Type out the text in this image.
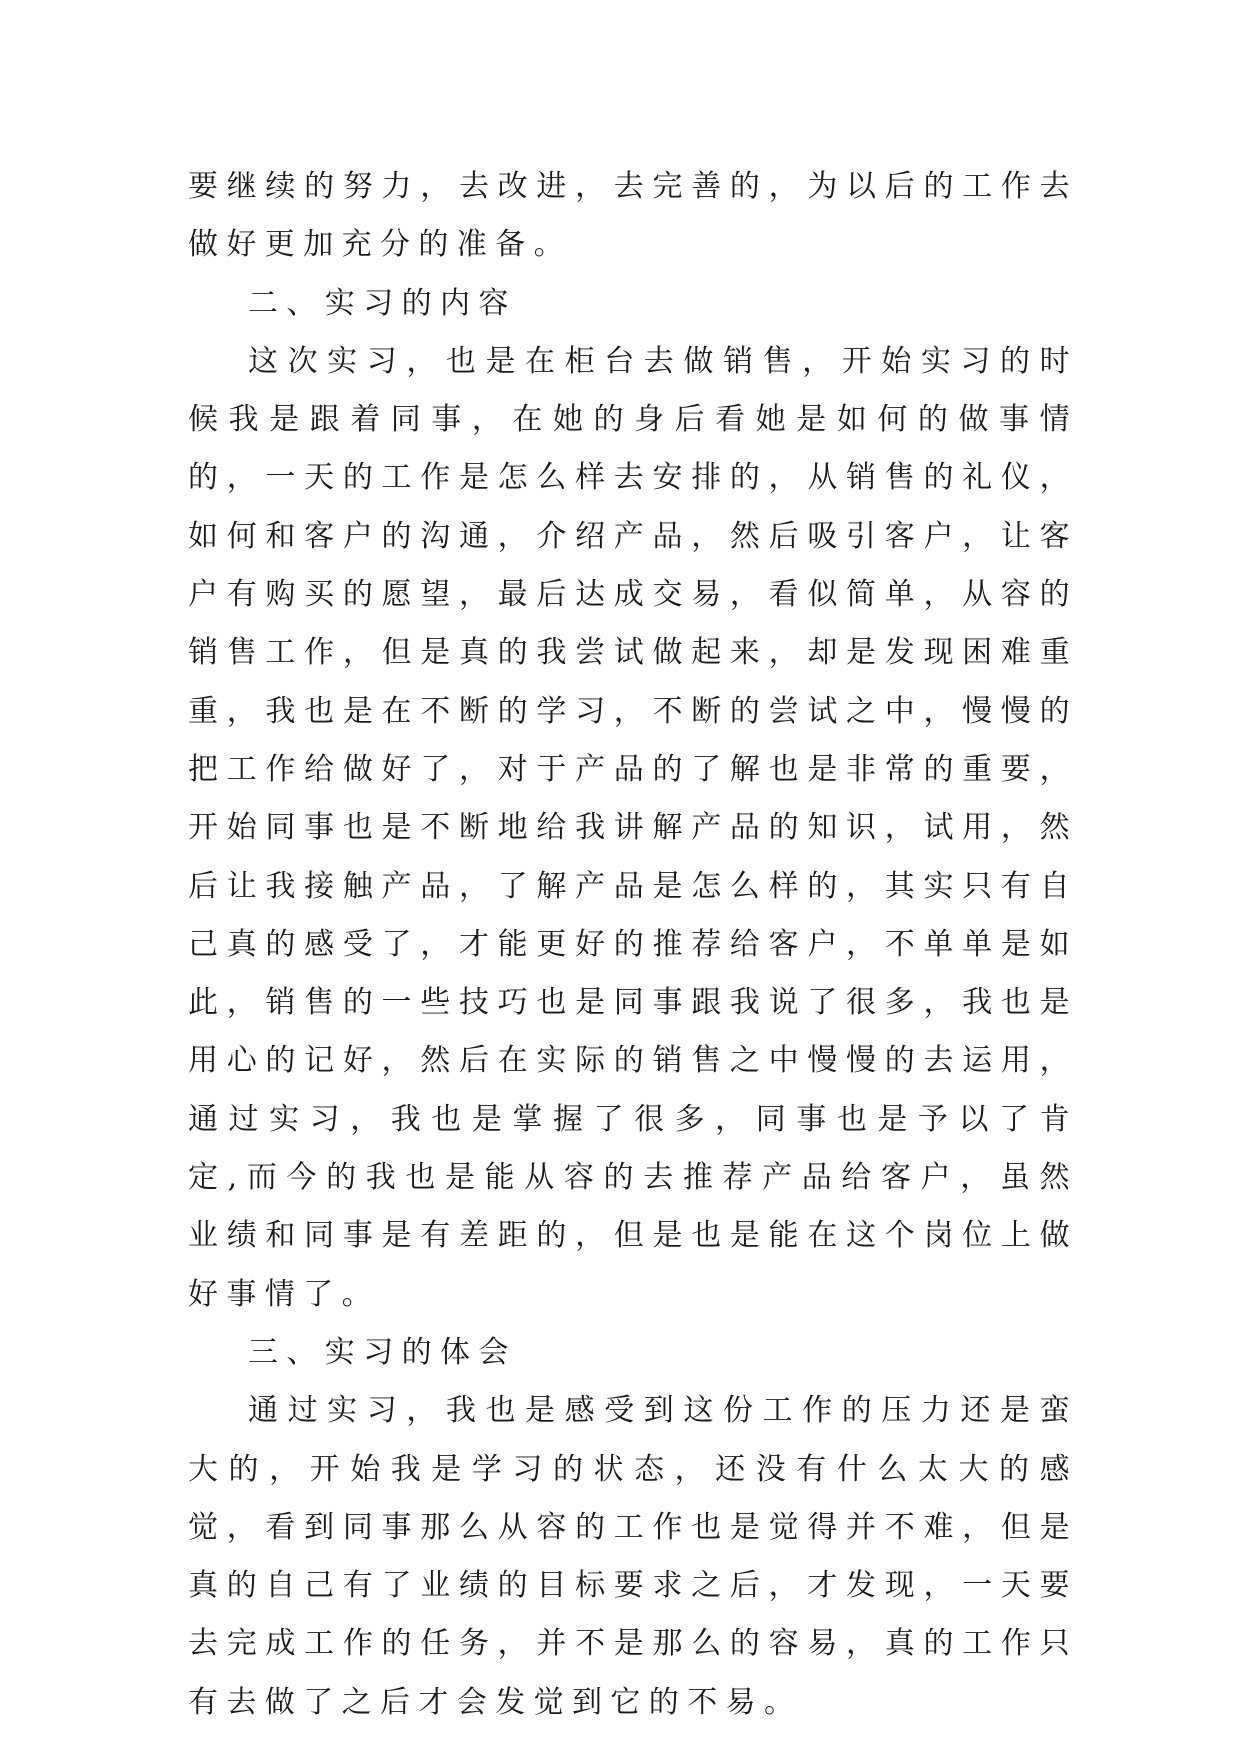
要继续的努力，去改进，去完善的，为以后的工作去做好更加充分的准备。

二、实习的内容

这次实习，也是在柜台去做销售，开始实习的时候我是跟着同事，在她的身后看她是如何的做事情的，一天的工作是怎么样去安排的，从销售的礼仪，如何和客户的沟通，介绍产品，然后吸引客户，让客户有购买的愿望，最后达成交易，看似简单，从容的销售工作，但是真的我尝试做起来，却是发现困难重重，我也是在不断的学习，不断的尝试之中，慢慢的把工作给做好了，对于产品的了解也是非常的重要，开始同事也是不断地给我讲解产品的知识，试用，然后让我接触产品，了解产品是怎么样的，其实只有自己真的感受了，才能更好的推荐给客户，不单单是如此，销售的一些技巧也是同事跟我说了很多，我也是用心的记好，然后在实际的销售之中慢慢的去运用，通过实习，我也是掌握了很多，同事也是予以了肯定,而今的我也是能从容的去推荐产品给客户，虽然业绩和同事是有差距的，但是也是能在这个岗位上做好事情了。

三、实习的体会

通过实习，我也是感受到这份工作的压力还是蛮大的，开始我是学习的状态，还没有什么太大的感觉，看到同事那么从容的工作也是觉得并不难，但是真的自己有了业绩的目标要求之后，才发现，一天要去完成工作的任务，并不是那么的容易，真的工作只有去做了之后才会发觉到它的不易。
